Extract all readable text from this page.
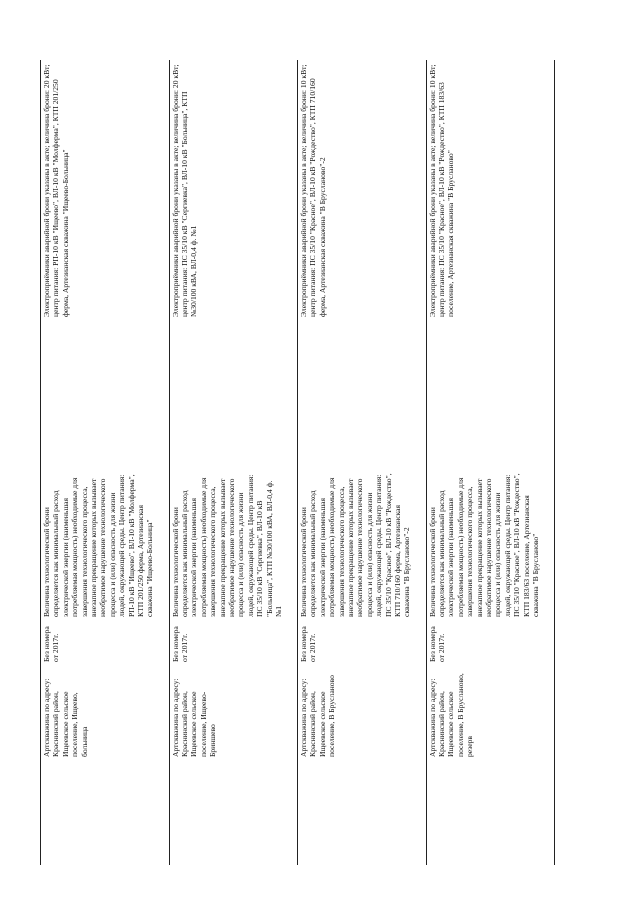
		Артскважина по адресу: Краснинский район, Ищеевское сельское поселение, Ищеево, больница	Без номера от 2017г.	Величина технологической брони определяется как минимальный расход электрической энергии (наименьшая потребляемая мощность) необходимые для завершения технологического процесса, внезапное прекращение которых вызывает необратимое нарушение технологического процесса и (или) опасность для жизни людей, окружающей среды. Центр питания: РП-10 кВ "Ищеево", ВЛ-10 кВ "Молферма", КТП 201/250 ферма, Артезианская скважина "Ищеево-Больница"		Электроприёмники аварийной брони указаны в акте; величина брони: 20 кВт; центр питания: РП-10 кВ "Ищеево", ВЛ-10 кВ "Молферма", КТП 201/250 ферма, Артезианская скважина "Ищеево-Больница"
		Артскважина по адресу: Краснинский район, Ищеевское сельское поселение, Ищеево-Бриншево	Без номера от 2017г.	Величина технологической брони определяется как минимальный расход электрической энергии (наименьшая потребляемая мощность) необходимые для завершения технологического процесса, внезапное прекращение которых вызывает необратимое нарушение технологического процесса и (или) опасность для жизни людей, окружающей среды. Центр питания: ПС 35/10 кВ "Сергиевка", ВЛ-10 кВ "Больница", КТП №30/100 кВА, ВЛ-0,4 ф. №1		Электроприёмники аварийной брони указаны в акте; величина брони: 20 кВт; центр питания: ПС 35/10 кВ "Сергиевка", ВЛ-10 кВ "Больница", КТП №30/100 кВА, ВЛ-0,4 ф. №1
		Артскважина по адресу: Краснинский район, Ищеевское сельское поселение, В Брусланово	Без номера от 2017г.	Величина технологической брони определяется как минимальный расход электрической энергии (наименьшая потребляемая мощность) необходимые для завершения технологического процесса, внезапное прекращение которых вызывает необратимое нарушение технологического процесса и (или) опасность для жизни людей, окружающей среды. Центр питания: ПС 35/10 "Красное", ВЛ-10 кВ "Рождество", КТП 710/160 ферма, Артезианская скважина "В Брусланово"-2		Электроприёмники аварийной брони указаны в акте; величина брони: 10 кВт; центр питания: ПС 35/10 "Красное", ВЛ-10 кВ "Рождество", КТП 710/160 ферма, Артезианская скважина "В Брусланово"-2
		Артскважина по адресу: Краснинский район, Ищеевское сельское поселение, В Брусланово, резерв	Без номера от 2017г.	Величина технологической брони определяется как минимальный расход электрической энергии (наименьшая потребляемая мощность) необходимые для завершения технологического процесса, внезапное прекращение которых вызывает необратимое нарушение технологического процесса и (или) опасность для жизни людей, окружающей среды. Центр питания: ПС 35/10 "Красное", ВЛ-10 кВ "Рождество", КТП 183/63 поселение, Артезианская скважина "В Брусланово"		Электроприёмники аварийной брони указаны в акте; величина брони: 10 кВт; центр питания: ПС 35/10 "Красное", ВЛ-10 кВ "Рождество", КТП 183/63 поселение, Артезианская скважина "В Брусланово"
